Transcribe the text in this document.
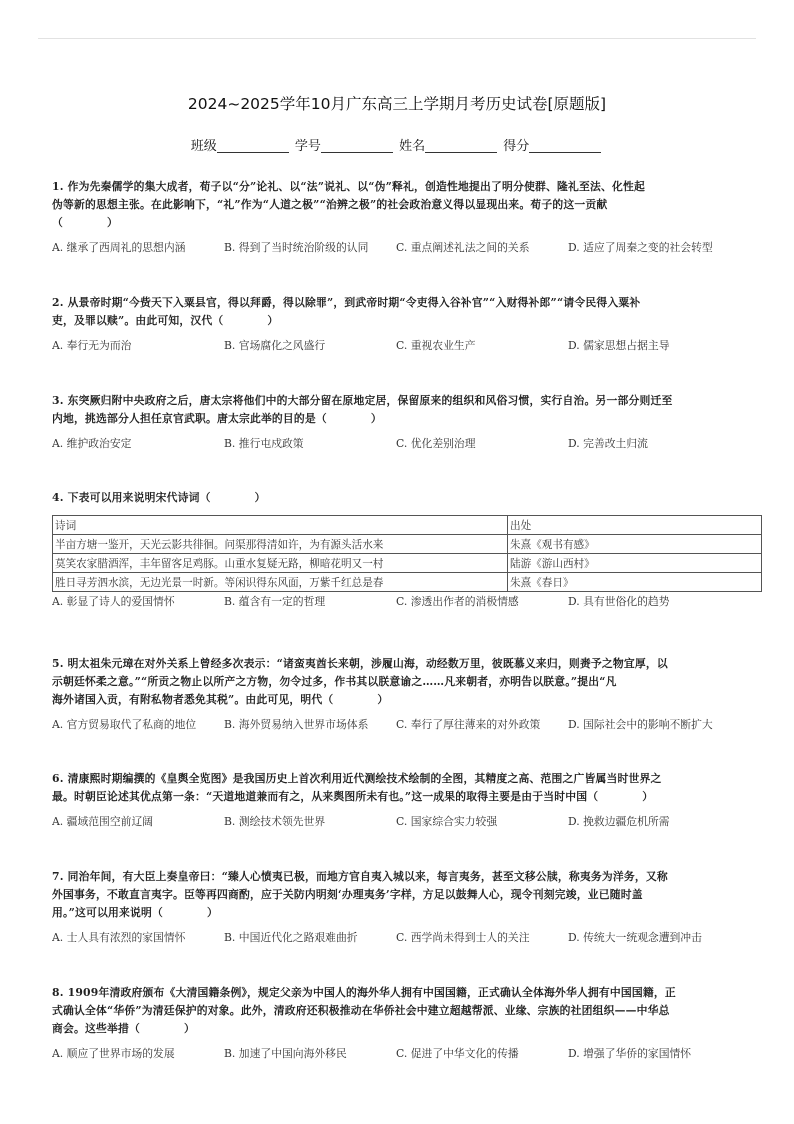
2024~2025学年10月广东高三上学期月考历史试卷[原题版]
班级	学号	姓名	得分
1. 作为先秦儒学的集大成者，荀子以“分”论礼、以“法”说礼、以“伪”释礼，创造性地提出了明分使群、隆礼至法、化性起
伪等新的思想主张。在此影响下，“礼”作为“人道之极”“治辨之极”的社会政治意义得以显现出来。荀子的这一贡献
（　　　　）
A. 继承了西周礼的思想内涵	B. 得到了当时统治阶级的认同	C. 重点阐述礼法之间的关系	D. 适应了周秦之变的社会转型
2. 从景帝时期“今赀天下入粟县官，得以拜爵，得以除罪”，到武帝时期“令吏得入谷补官”“入财得补郎”“请令民得入粟补
吏，及罪以赎”。由此可知，汉代（　　　　）
A. 奉行无为而治	B. 官场腐化之风盛行	C. 重视农业生产	D. 儒家思想占据主导
3. 东突厥归附中央政府之后，唐太宗将他们中的大部分留在原地定居，保留原来的组织和风俗习惯，实行自治。另一部分则迁至
内地，挑选部分人担任京官武职。唐太宗此举的目的是（　　　　）
A. 维护政治安定	B. 推行屯戍政策	C. 优化差别治理	D. 完善改土归流
4. 下表可以用来说明宋代诗词（　　　　）
诗词	出处
半亩方塘一鉴开，天光云影共徘徊。问渠那得清如许，为有源头活水来	朱熹《观书有感》
莫笑农家腊酒浑，丰年留客足鸡豚。山重水复疑无路，柳暗花明又一村	陆游《游山西村》
胜日寻芳泗水滨，无边光景一时新。等闲识得东风面，万紫千红总是春	朱熹《春日》
A. 彰显了诗人的爱国情怀	B. 蕴含有一定的哲理	C. 渗透出作者的消极情感	D. 具有世俗化的趋势
5. 明太祖朱元璋在对外关系上曾经多次表示：“诸蛮夷酋长来朝，涉履山海，动经数万里，彼既慕义来归，则赉予之物宜厚，以
示朝廷怀柔之意。”“所贡之物止以所产之方物，勿令过多，作书其以朕意谕之……凡来朝者，亦明告以朕意。”提出“凡
海外诸国入贡，有附私物者悉免其税”。由此可见，明代（　　　　）
A. 官方贸易取代了私商的地位	B. 海外贸易纳入世界市场体系	C. 奉行了厚往薄来的对外政策	D. 国际社会中的影响不断扩大
6. 清康熙时期编撰的《皇舆全览图》是我国历史上首次利用近代测绘技术绘制的全图，其精度之高、范围之广皆属当时世界之
最。时朝臣论述其优点第一条：“天道地道兼而有之，从来舆图所未有也。”这一成果的取得主要是由于当时中国（　　　　）
A. 疆域范围空前辽阔	B. 测绘技术领先世界	C. 国家综合实力较强	D. 挽救边疆危机所需
7. 同治年间，有大臣上奏皇帝曰：“臻人心愤夷已极，而地方官自夷入城以来，每言夷务，甚至文移公牍，称夷务为洋务，又称
外国事务，不敢直言夷字。臣等再四商酌，应于关防内明刻‘办理夷务’字样，方足以鼓舞人心，现令刊刻完竣，业已随时盖
用。”这可以用来说明（　　　　）
A. 士人具有浓烈的家国情怀	B. 中国近代化之路艰难曲折	C. 西学尚未得到士人的关注	D. 传统大一统观念遭到冲击
8. 1909年清政府颁布《大清国籍条例》，规定父亲为中国人的海外华人拥有中国国籍，正式确认全体海外华人拥有中国国籍，正
式确认全体“华侨”为清廷保护的对象。此外，清政府还积极推动在华侨社会中建立超越帮派、业缘、宗族的社团组织——中华总
商会。这些举措（　　　　）
A. 顺应了世界市场的发展	B. 加速了中国向海外移民	C. 促进了中华文化的传播	D. 增强了华侨的家国情怀
